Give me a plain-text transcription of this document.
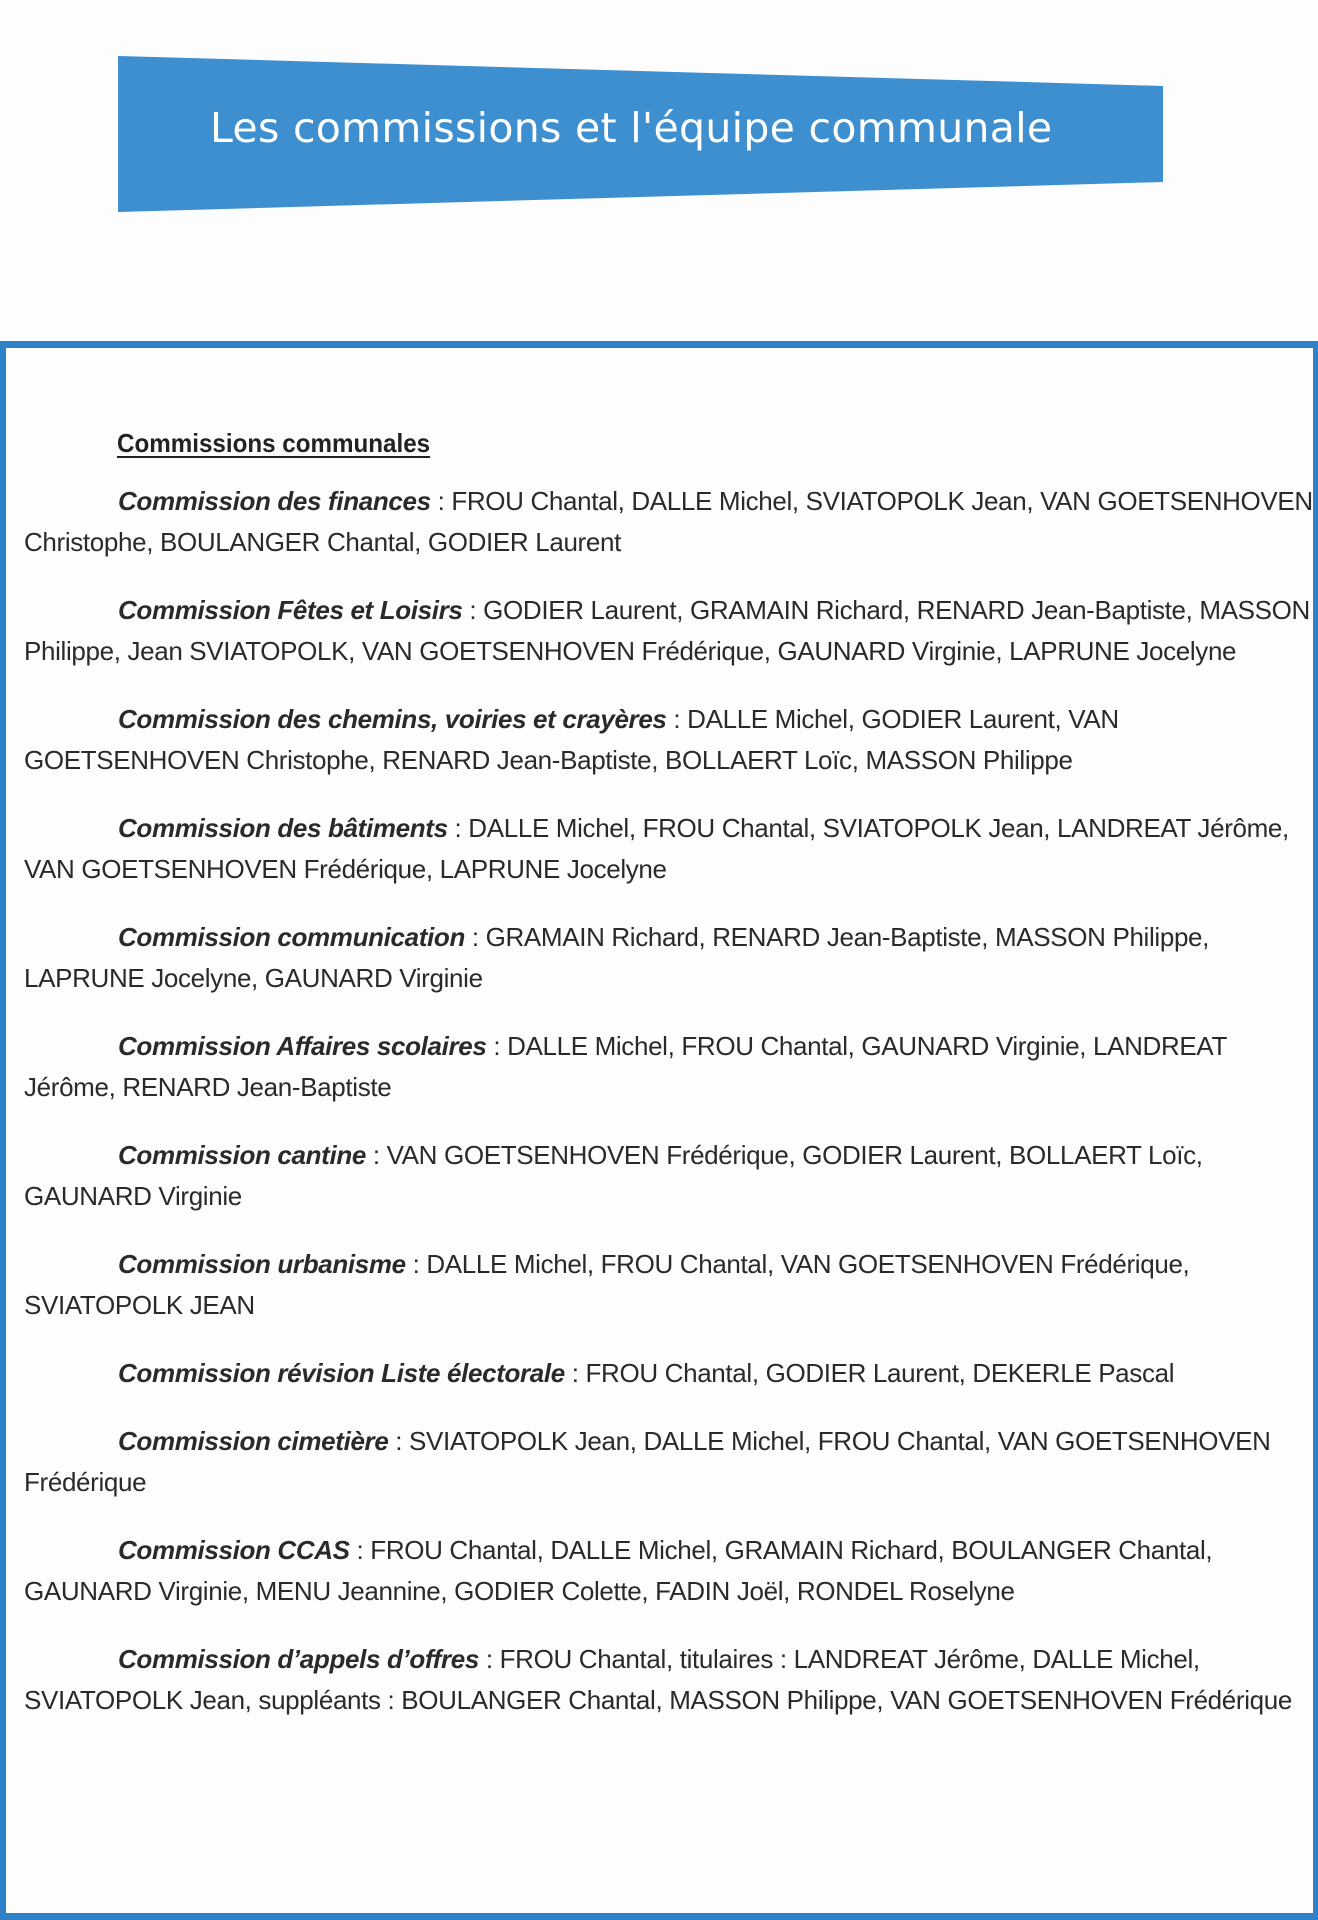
Les commissions et l'équipe communale
Commissions communales

Commission des finances : FROU Chantal, DALLE Michel, SVIATOPOLK Jean, VAN GOETSENHOVEN Christophe, BOULANGER Chantal, GODIER Laurent

Commission Fêtes et Loisirs : GODIER Laurent, GRAMAIN Richard, RENARD Jean-Baptiste, MASSON Philippe, Jean SVIATOPOLK, VAN GOETSENHOVEN Frédérique, GAUNARD Virginie, LAPRUNE Jocelyne

Commission des chemins, voiries et crayères : DALLE Michel, GODIER Laurent, VAN GOETSENHOVEN Christophe, RENARD Jean-Baptiste, BOLLAERT Loïc, MASSON Philippe

Commission des bâtiments : DALLE Michel, FROU Chantal, SVIATOPOLK Jean, LANDREAT Jérôme, VAN GOETSENHOVEN Frédérique, LAPRUNE Jocelyne

Commission communication : GRAMAIN Richard, RENARD Jean-Baptiste, MASSON Philippe, LAPRUNE Jocelyne, GAUNARD Virginie

Commission Affaires scolaires : DALLE Michel, FROU Chantal, GAUNARD Virginie, LANDREAT Jérôme, RENARD Jean-Baptiste

Commission cantine : VAN GOETSENHOVEN Frédérique, GODIER Laurent, BOLLAERT Loïc, GAUNARD Virginie

Commission urbanisme : DALLE Michel, FROU Chantal, VAN GOETSENHOVEN Frédérique, SVIATOPOLK JEAN

Commission révision Liste électorale : FROU Chantal, GODIER Laurent, DEKERLE Pascal

Commission cimetière : SVIATOPOLK Jean, DALLE Michel, FROU Chantal, VAN GOETSENHOVEN Frédérique

Commission CCAS : FROU Chantal, DALLE Michel, GRAMAIN Richard, BOULANGER Chantal, GAUNARD Virginie, MENU Jeannine, GODIER Colette, FADIN Joël, RONDEL Roselyne

Commission d’appels d’offres : FROU Chantal, titulaires : LANDREAT Jérôme, DALLE Michel, SVIATOPOLK Jean, suppléants : BOULANGER Chantal, MASSON Philippe, VAN GOETSENHOVEN Frédérique
